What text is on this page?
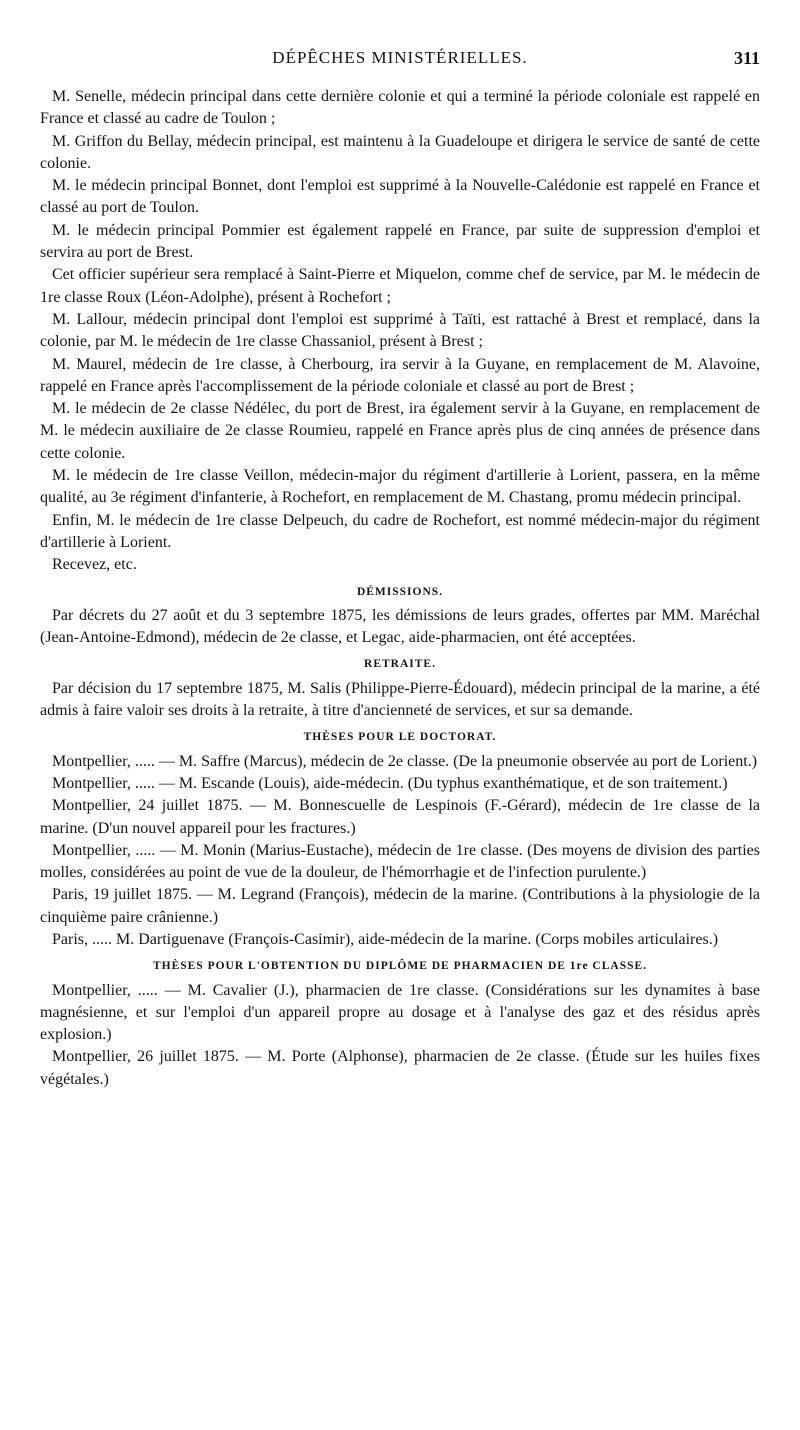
DÉPÊCHES MINISTÉRIELLES.	311

M. Senelle, médecin principal dans cette dernière colonie et qui a terminé la période coloniale est rappelé en France et classé au cadre de Toulon ;

M. Griffon du Bellay, médecin principal, est maintenu à la Guadeloupe et dirigera le service de santé de cette colonie.

M. le médecin principal Bonnet, dont l'emploi est supprimé à la Nouvelle-Calédonie est rappelé en France et classé au port de Toulon.

M. le médecin principal Pommier est également rappelé en France, par suite de suppression d'emploi et servira au port de Brest.

Cet officier supérieur sera remplacé à Saint-Pierre et Miquelon, comme chef de service, par M. le médecin de 1re classe Roux (Léon-Adolphe), présent à Rochefort ;

M. Lallour, médecin principal dont l'emploi est supprimé à Taïti, est rattaché à Brest et remplacé, dans la colonie, par M. le médecin de 1re classe Chassaniol, présent à Brest ;

M. Maurel, médecin de 1re classe, à Cherbourg, ira servir à la Guyane, en remplacement de M. Alavoine, rappelé en France après l'accomplissement de la période coloniale et classé au port de Brest ;

M. le médecin de 2e classe Nédélec, du port de Brest, ira également servir à la Guyane, en remplacement de M. le médecin auxiliaire de 2e classe Roumieu, rappelé en France après plus de cinq années de présence dans cette colonie.

M. le médecin de 1re classe Veillon, médecin-major du régiment d'artillerie à Lorient, passera, en la même qualité, au 3e régiment d'infanterie, à Rochefort, en remplacement de M. Chastang, promu médecin principal.

Enfin, M. le médecin de 1re classe Delpeuch, du cadre de Rochefort, est nommé médecin-major du régiment d'artillerie à Lorient.

Recevez, etc.

DÉMISSIONS.

Par décrets du 27 août et du 3 septembre 1875, les démissions de leurs grades, offertes par MM. Maréchal (Jean-Antoine-Edmond), médecin de 2e classe, et Legac, aide-pharmacien, ont été acceptées.

RETRAITE.

Par décision du 17 septembre 1875, M. Salis (Philippe-Pierre-Édouard), médecin principal de la marine, a été admis à faire valoir ses droits à la retraite, à titre d'ancienneté de services, et sur sa demande.

THÈSES POUR LE DOCTORAT.

Montpellier, ..... — M. Saffre (Marcus), médecin de 2e classe. (De la pneumonie observée au port de Lorient.)

Montpellier, ..... — M. Escande (Louis), aide-médecin. (Du typhus exanthématique, et de son traitement.)

Montpellier, 24 juillet 1875. — M. Bonnescuelle de Lespinois (F.-Gérard), médecin de 1re classe de la marine. (D'un nouvel appareil pour les fractures.)

Montpellier, ..... — M. Monin (Marius-Eustache), médecin de 1re classe. (Des moyens de division des parties molles, considérées au point de vue de la douleur, de l'hémorrhagie et de l'infection purulente.)

Paris, 19 juillet 1875. — M. Legrand (François), médecin de la marine. (Contributions à la physiologie de la cinquième paire crânienne.)

Paris, ..... M. Dartiguenave (François-Casimir), aide-médecin de la marine. (Corps mobiles articulaires.)

THÈSES POUR L'OBTENTION DU DIPLÔME DE PHARMACIEN DE 1re CLASSE.

Montpellier, ..... — M. Cavalier (J.), pharmacien de 1re classe. (Considérations sur les dynamites à base magnésienne, et sur l'emploi d'un appareil propre au dosage et à l'analyse des gaz et des résidus après explosion.)

Montpellier, 26 juillet 1875. — M. Porte (Alphonse), pharmacien de 2e classe. (Étude sur les huiles fixes végétales.)
